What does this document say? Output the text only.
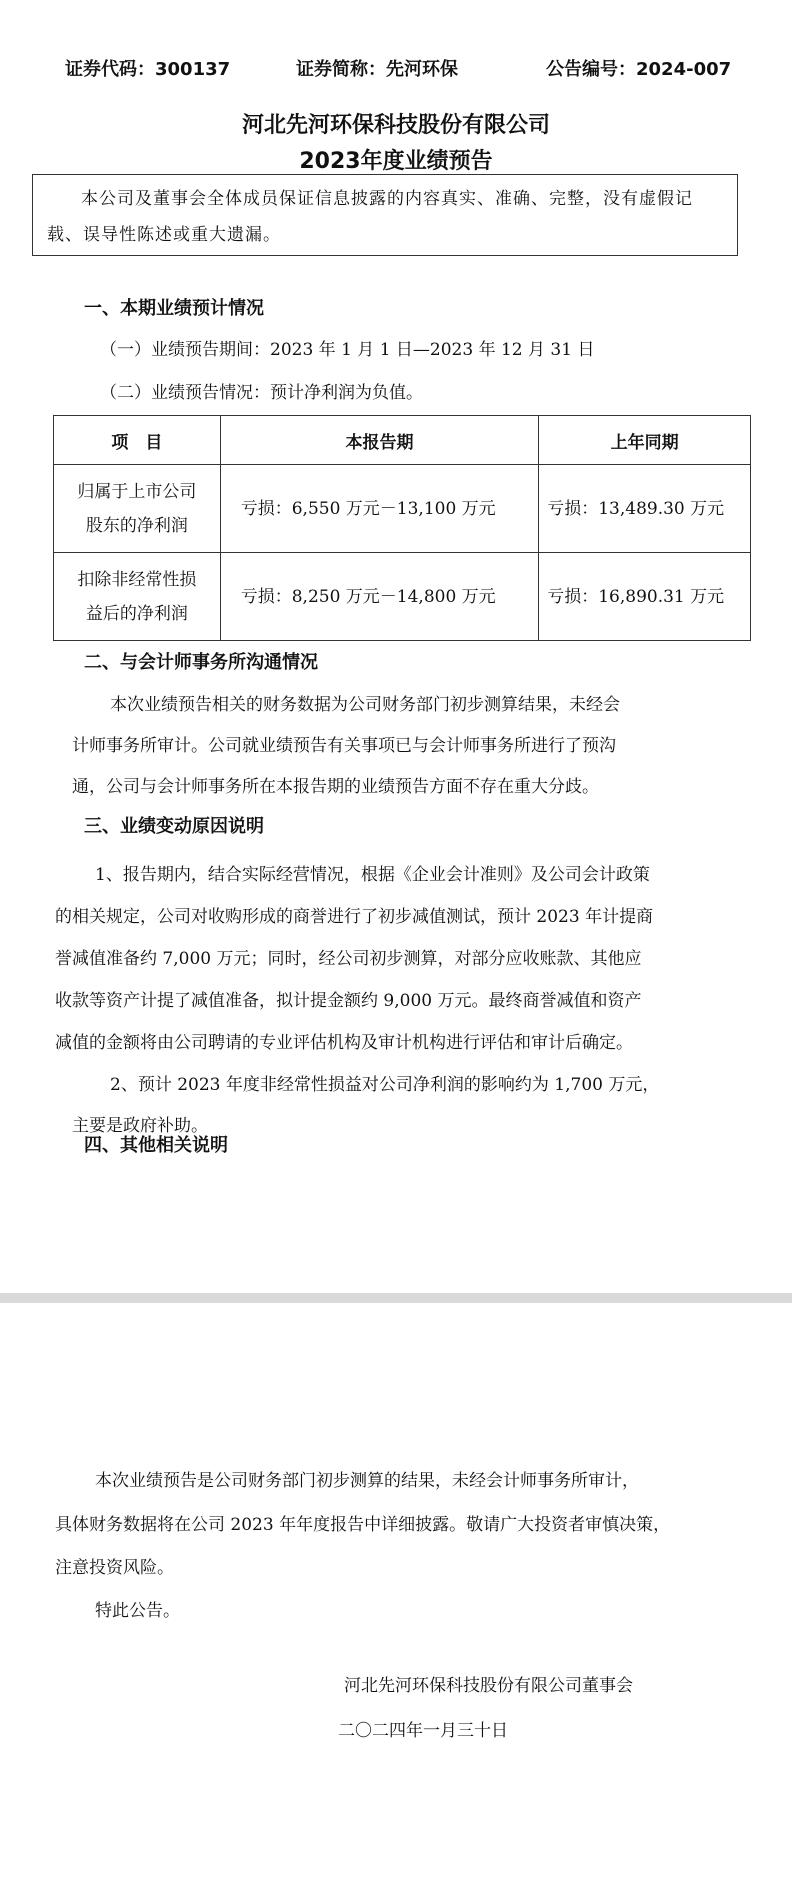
证券代码：300137	证券简称：先河环保	公告编号：2024-007
河北先河环保科技股份有限公司
2023年度业绩预告
本公司及董事会全体成员保证信息披露的内容真实、准确、完整，没有虚假记载、误导性陈述或重大遗漏。
一、本期业绩预计情况
（一）业绩预告期间：2023 年 1 月 1 日—2023 年 12 月 31 日
（二）业绩预告情况：预计净利润为负值。
项　目	本报告期	上年同期

归属于上市公司
股东的净利润	亏损：6,550 万元－13,100 万元	亏损：13,489.30 万元

扣除非经常性损
益后的净利润	亏损：8,250 万元－14,800 万元	亏损：16,890.31 万元
二、与会计师事务所沟通情况
本次业绩预告相关的财务数据为公司财务部门初步测算结果，未经会
计师事务所审计。公司就业绩预告有关事项已与会计师事务所进行了预沟
通，公司与会计师事务所在本报告期的业绩预告方面不存在重大分歧。
三、业绩变动原因说明
1、报告期内，结合实际经营情况，根据《企业会计准则》及公司会计政策
的相关规定，公司对收购形成的商誉进行了初步减值测试，预计 2023 年计提商
誉减值准备约 7,000 万元；同时，经公司初步测算，对部分应收账款、其他应
收款等资产计提了减值准备，拟计提金额约 9,000 万元。最终商誉减值和资产
减值的金额将由公司聘请的专业评估机构及审计机构进行评估和审计后确定。
2、预计 2023 年度非经常性损益对公司净利润的影响约为 1,700 万元，
主要是政府补助。
四、其他相关说明
本次业绩预告是公司财务部门初步测算的结果，未经会计师事务所审计，
具体财务数据将在公司 2023 年年度报告中详细披露。敬请广大投资者审慎决策，
注意投资风险。
特此公告。
河北先河环保科技股份有限公司董事会
二〇二四年一月三十日
